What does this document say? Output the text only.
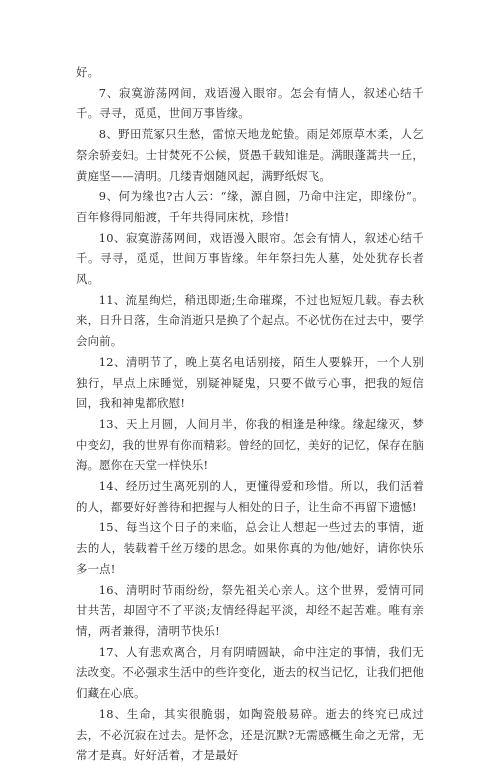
好。

7、寂寞游荡网间，戏语漫入眼帘。怎会有情人，叙述心结千千。寻寻，觅觅，世间万事皆缘。

8、野田荒冢只生愁，雷惊天地龙蛇蛰。雨足郊原草木柔，人乞祭余骄妾妇。士甘焚死不公候，贤愚千载知谁是。满眼蓬蒿共一丘，黄庭坚——清明。几缕青烟随风起，满野纸烬飞。

9、何为缘也?古人云：“缘，源自圆，乃命中注定，即缘份”。百年修得同船渡，千年共得同床枕，珍惜!

10、寂寞游荡网间，戏语漫入眼帘。怎会有情人，叙述心结千千。寻寻，觅觅，世间万事皆缘。年年祭扫先人墓，处处犹存长者风。

11、流星绚烂，稍迅即逝;生命璀璨，不过也短短几载。春去秋来，日升日落，生命消逝只是换了个起点。不必忧伤在过去中，要学会向前。

12、清明节了，晚上莫名电话别接，陌生人要躲开，一个人别独行，早点上床睡觉，别疑神疑鬼，只要不做亏心事，把我的短信回，我和神鬼都欣慰!

13、天上月圆，人间月半，你我的相逢是种缘。缘起缘灭，梦中变幻，我的世界有你而精彩。曾经的回忆，美好的记忆，保存在脑海。愿你在天堂一样快乐!

14、经历过生离死别的人，更懂得爱和珍惜。所以，我们活着的人，都要好好善待和把握与人相处的日子，让生命不再留下遗憾!

15、每当这个日子的来临，总会让人想起一些过去的事情，逝去的人，装载着千丝万缕的思念。如果你真的为他/她好，请你快乐多一点!

16、清明时节雨纷纷，祭先祖关心亲人。这个世界，爱情可同甘共苦，却固守不了平淡;友情经得起平淡，却经不起苦难。唯有亲情，两者兼得，清明节快乐!

17、人有悲欢离合，月有阴晴圆缺，命中注定的事情，我们无法改变。不必强求生活中的些许变化，逝去的权当记忆，让我们把他们藏在心底。

18、生命，其实很脆弱，如陶瓷般易碎。逝去的终究已成过去，不必沉寂在过去。是怀念，还是沉默?无需感概生命之无常，无常才是真。好好活着，才是最好
